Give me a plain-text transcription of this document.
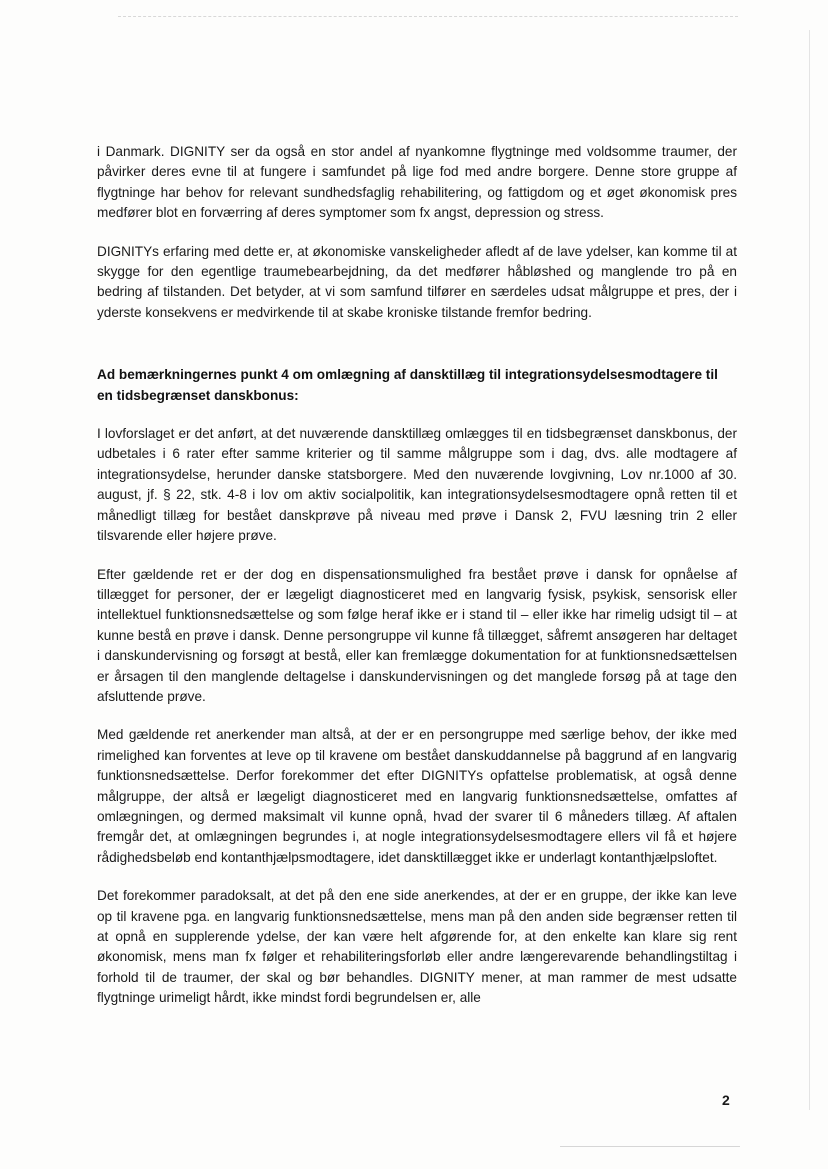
i Danmark. DIGNITY ser da også en stor andel af nyankomne flygtninge med voldsomme traumer, der påvirker deres evne til at fungere i samfundet på lige fod med andre borgere. Denne store gruppe af flygtninge har behov for relevant sundhedsfaglig rehabilitering, og fattigdom og et øget økonomisk pres medfører blot en forværring af deres symptomer som fx angst, depression og stress.

DIGNITYs erfaring med dette er, at økonomiske vanskeligheder afledt af de lave ydelser, kan komme til at skygge for den egentlige traumebearbejdning, da det medfører håbløshed og manglende tro på en bedring af tilstanden. Det betyder, at vi som samfund tilfører en særdeles udsat målgruppe et pres, der i yderste konsekvens er medvirkende til at skabe kroniske tilstande fremfor bedring.

Ad bemærkningernes punkt 4 om omlægning af dansktillæg til integrationsydelsesmodtagere til en tidsbegrænset danskbonus:

I lovforslaget er det anført, at det nuværende dansktillæg omlægges til en tidsbegrænset danskbonus, der udbetales i 6 rater efter samme kriterier og til samme målgruppe som i dag, dvs. alle modtagere af integrationsydelse, herunder danske statsborgere. Med den nuværende lovgivning, Lov nr.1000 af 30. august, jf. § 22, stk. 4-8 i lov om aktiv socialpolitik, kan integrationsydelsesmodtagere opnå retten til et månedligt tillæg for bestået danskprøve på niveau med prøve i Dansk 2, FVU læsning trin 2 eller tilsvarende eller højere prøve.

Efter gældende ret er der dog en dispensationsmulighed fra bestået prøve i dansk for opnåelse af tillægget for personer, der er lægeligt diagnosticeret med en langvarig fysisk, psykisk, sensorisk eller intellektuel funktionsnedsættelse og som følge heraf ikke er i stand til – eller ikke har rimelig udsigt til – at kunne bestå en prøve i dansk. Denne persongruppe vil kunne få tillægget, såfremt ansøgeren har deltaget i danskundervisning og forsøgt at bestå, eller kan fremlægge dokumentation for at funktionsnedsættelsen er årsagen til den manglende deltagelse i danskundervisningen og det manglede forsøg på at tage den afsluttende prøve.

Med gældende ret anerkender man altså, at der er en persongruppe med særlige behov, der ikke med rimelighed kan forventes at leve op til kravene om bestået danskuddannelse på baggrund af en langvarig funktionsnedsættelse. Derfor forekommer det efter DIGNITYs opfattelse problematisk, at også denne målgruppe, der altså er lægeligt diagnosticeret med en langvarig funktionsnedsættelse, omfattes af omlægningen, og dermed maksimalt vil kunne opnå, hvad der svarer til 6 måneders tillæg. Af aftalen fremgår det, at omlægningen begrundes i, at nogle integrationsydelsesmodtagere ellers vil få et højere rådighedsbeløb end kontanthjælpsmodtagere, idet dansktillægget ikke er underlagt kontanthjælpsloftet.

Det forekommer paradoksalt, at det på den ene side anerkendes, at der er en gruppe, der ikke kan leve op til kravene pga. en langvarig funktionsnedsættelse, mens man på den anden side begrænser retten til at opnå en supplerende ydelse, der kan være helt afgørende for, at den enkelte kan klare sig rent økonomisk, mens man fx følger et rehabiliteringsforløb eller andre længerevarende behandlingstiltag i forhold til de traumer, der skal og bør behandles. DIGNITY mener, at man rammer de mest udsatte flygtninge urimeligt hårdt, ikke mindst fordi begrundelsen er, alle

2
